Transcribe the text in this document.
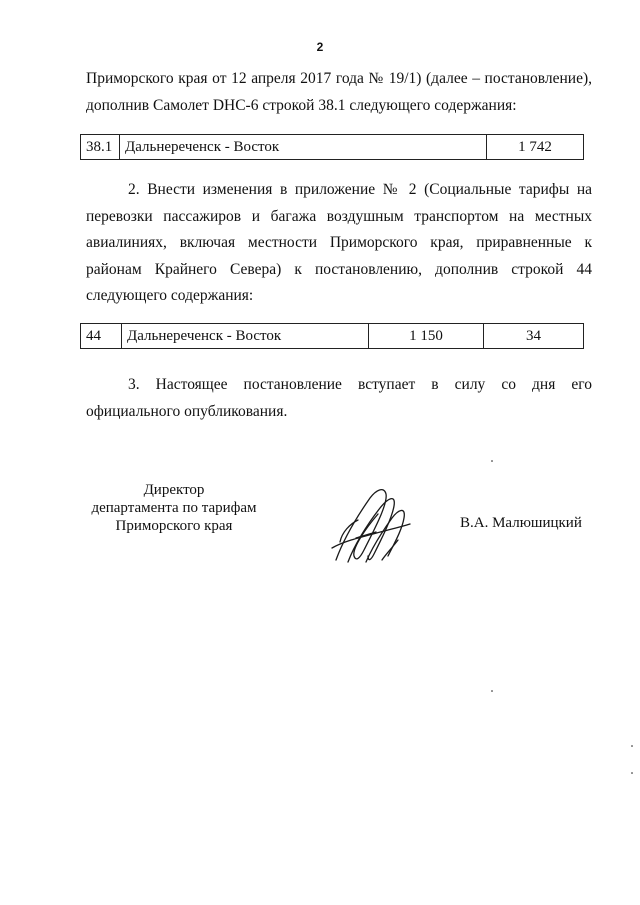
2
Приморского края от 12 апреля 2017 года № 19/1) (далее – постановление), дополнив Самолет DHC-6 строкой 38.1 следующего содержания:
38.1	Дальнереченск - Восток	1 742
2. Внести изменения в приложение № 2 (Социальные тарифы на перевозки пассажиров и багажа воздушным транспортом на местных авиалиниях, включая местности Приморского края, приравненные к районам Крайнего Севера) к постановлению, дополнив строкой 44 следующего содержания:
44	Дальнереченск - Восток	1 150	34
3. Настоящее постановление вступает в силу со дня его официального опубликования.
Директор
департамента по тарифам
Приморского края	В.А. Малюшицкий
